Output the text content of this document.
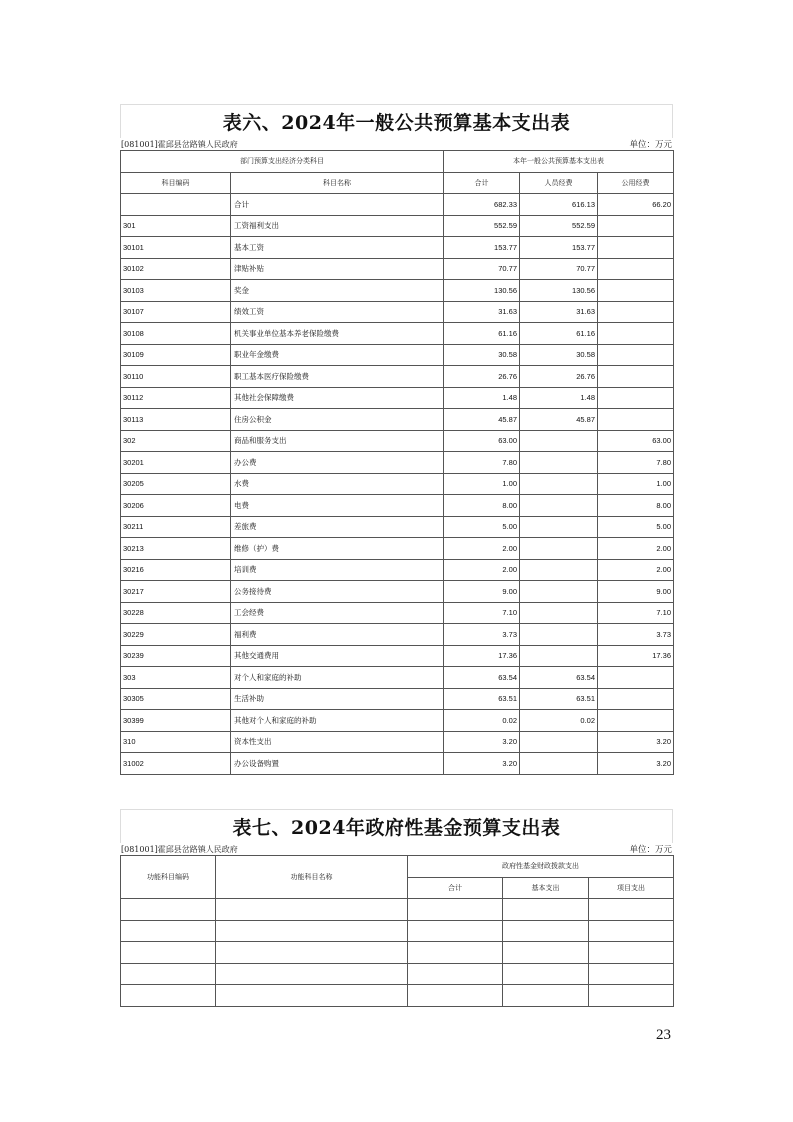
表六、2024年一般公共预算基本支出表
[081001]霍邱县岔路镇人民政府	单位：万元
部门预算支出经济分类科目		本年一般公共预算基本支出表		
科目编码	科目名称	合计	人员经费	公用经费
	合计	682.33	616.13	66.20
301	工资福利支出	552.59	552.59	
30101	基本工资	153.77	153.77	
30102	津贴补贴	70.77	70.77	
30103	奖金	130.56	130.56	
30107	绩效工资	31.63	31.63	
30108	机关事业单位基本养老保险缴费	61.16	61.16	
30109	职业年金缴费	30.58	30.58	
30110	职工基本医疗保险缴费	26.76	26.76	
30112	其他社会保障缴费	1.48	1.48	
30113	住房公积金	45.87	45.87	
302	商品和服务支出	63.00		63.00
30201	办公费	7.80		7.80
30205	水费	1.00		1.00
30206	电费	8.00		8.00
30211	差旅费	5.00		5.00
30213	维修（护）费	2.00		2.00
30216	培训费	2.00		2.00
30217	公务接待费	9.00		9.00
30228	工会经费	7.10		7.10
30229	福利费	3.73		3.73
30239	其他交通费用	17.36		17.36
303	对个人和家庭的补助	63.54	63.54	
30305	生活补助	63.51	63.51	
30399	其他对个人和家庭的补助	0.02	0.02	
310	资本性支出	3.20		3.20
31002	办公设备购置	3.20		3.20
表七、2024年政府性基金预算支出表
[081001]霍邱县岔路镇人民政府	单位：万元
功能科目编码	功能科目名称	政府性基金财政拨款支出		
		合计	基本支出	项目支出

23
